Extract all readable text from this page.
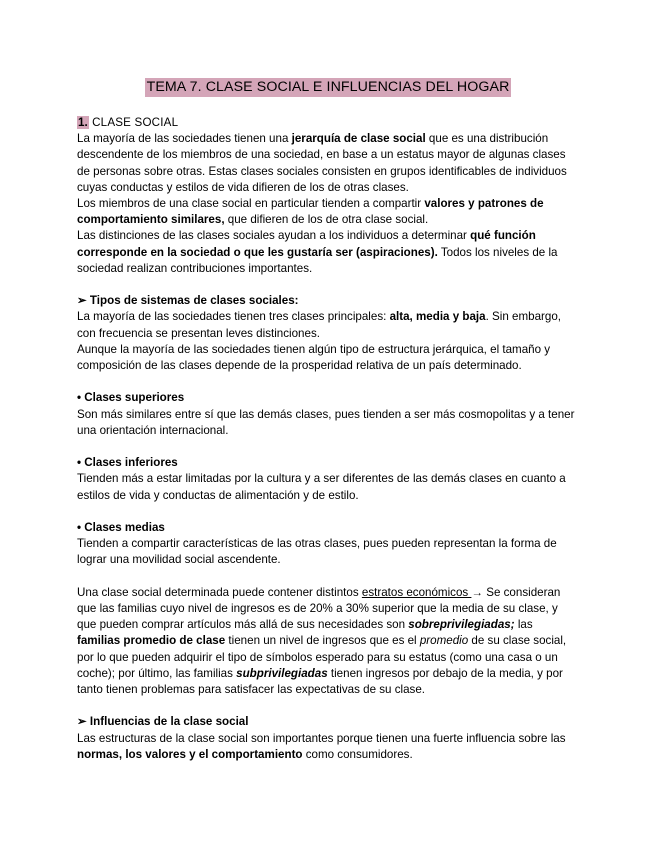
TEMA 7. CLASE SOCIAL E INFLUENCIAS DEL HOGAR
1. CLASE SOCIAL

La mayoría de las sociedades tienen una jerarquía de clase social que es una distribución descendente de los miembros de una sociedad, en base a un estatus mayor de algunas clases de personas sobre otras. Estas clases sociales consisten en grupos identificables de individuos cuyas conductas y estilos de vida difieren de los de otras clases.

Los miembros de una clase social en particular tienden a compartir valores y patrones de comportamiento similares, que difieren de los de otra clase social.

Las distinciones de las clases sociales ayudan a los individuos a determinar qué función corresponde en la sociedad o que les gustaría ser (aspiraciones). Todos los niveles de la sociedad realizan contribuciones importantes.

➢ Tipos de sistemas de clases sociales:

La mayoría de las sociedades tienen tres clases principales: alta, media y baja. Sin embargo, con frecuencia se presentan leves distinciones.

Aunque la mayoría de las sociedades tienen algún tipo de estructura jerárquica, el tamaño y composición de las clases depende de la prosperidad relativa de un país determinado.

• Clases superiores

Son más similares entre sí que las demás clases, pues tienden a ser más cosmopolitas y a tener una orientación internacional.

• Clases inferiores

Tienden más a estar limitadas por la cultura y a ser diferentes de las demás clases en cuanto a estilos de vida y conductas de alimentación y de estilo.

• Clases medias

Tienden a compartir características de las otras clases, pues pueden representan la forma de lograr una movilidad social ascendente.

Una clase social determinada puede contener distintos estratos económicos → Se consideran que las familias cuyo nivel de ingresos es de 20% a 30% superior que la media de su clase, y que pueden comprar artículos más allá de sus necesidades son sobreprivilegiadas; las familias promedio de clase tienen un nivel de ingresos que es el promedio de su clase social, por lo que pueden adquirir el tipo de símbolos esperado para su estatus (como una casa o un coche); por último, las familias subprivilegiadas tienen ingresos por debajo de la media, y por tanto tienen problemas para satisfacer las expectativas de su clase.

➢ Influencias de la clase social

Las estructuras de la clase social son importantes porque tienen una fuerte influencia sobre las normas, los valores y el comportamiento como consumidores.
